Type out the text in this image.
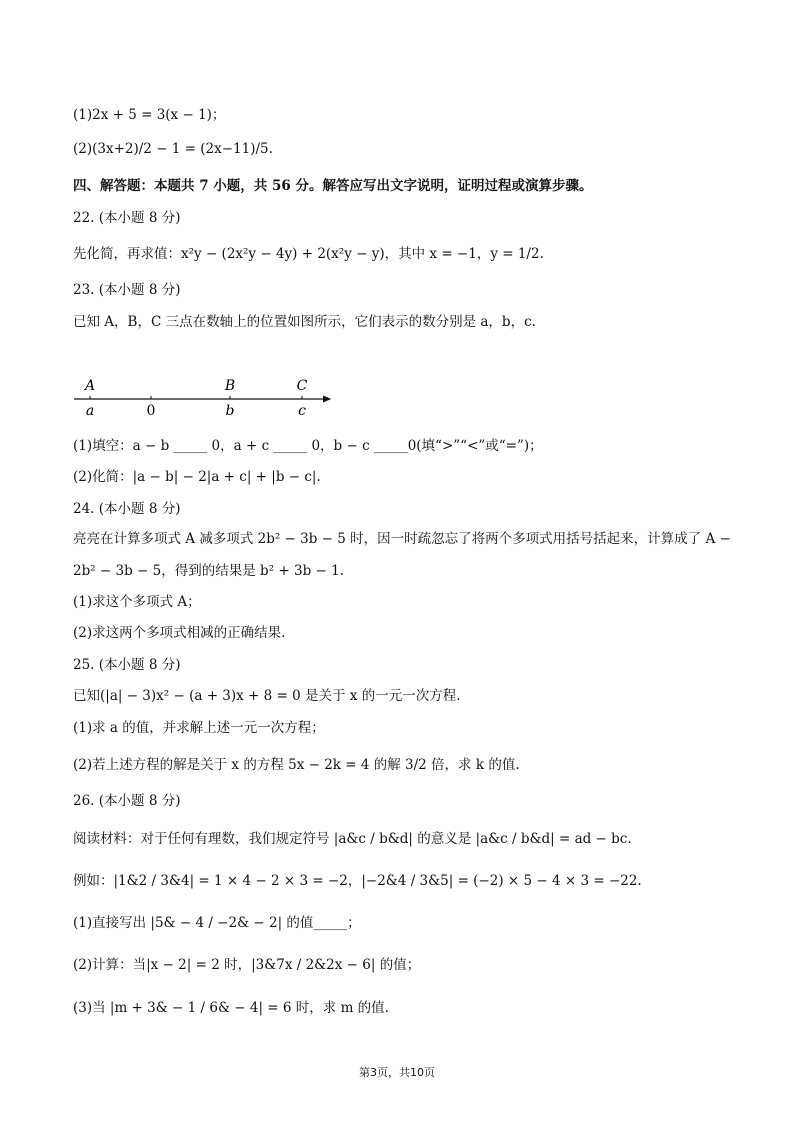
(1)2x + 5 = 3(x − 1)；
(2)(3x+2)/2 − 1 = (2x−11)/5.
四、解答题：本题共 7 小题，共 56 分。解答应写出文字说明，证明过程或演算步骤。
22. (本小题 8 分)
先化简，再求值：x²y − (2x²y − 4y) + 2(x²y − y)，其中 x = −1，y = 1/2.
23. (本小题 8 分)
已知 A，B，C 三点在数轴上的位置如图所示，它们表示的数分别是 a，b，c.
A	B	C
a	0	b	c
(1)填空：a − b _____ 0，a + c _____ 0，b − c _____0(填“>”“<”或“=”)；
(2)化简：|a − b| − 2|a + c| + |b − c|.
24. (本小题 8 分)
亮亮在计算多项式 A 减多项式 2b² − 3b − 5 时，因一时疏忽忘了将两个多项式用括号括起来，计算成了 A −
2b² − 3b − 5，得到的结果是 b² + 3b − 1.
(1)求这个多项式 A；
(2)求这两个多项式相减的正确结果.
25. (本小题 8 分)
已知(|a| − 3)x² − (a + 3)x + 8 = 0 是关于 x 的一元一次方程.
(1)求 a 的值，并求解上述一元一次方程；
(2)若上述方程的解是关于 x 的方程 5x − 2k = 4 的解 3/2 倍，求 k 的值.
26. (本小题 8 分)
阅读材料：对于任何有理数，我们规定符号 |a&c / b&d| 的意义是 |a&c / b&d| = ad − bc.
例如：|1&2 / 3&4| = 1 × 4 − 2 × 3 = −2，|−2&4 / 3&5| = (−2) × 5 − 4 × 3 = −22.
(1)直接写出 |5& − 4 / −2& − 2| 的值_____；
(2)计算：当|x − 2| = 2 时，|3&7x / 2&2x − 6| 的值；
(3)当 |m + 3& − 1 / 6& − 4| = 6 时，求 m 的值.
第3页，共10页
